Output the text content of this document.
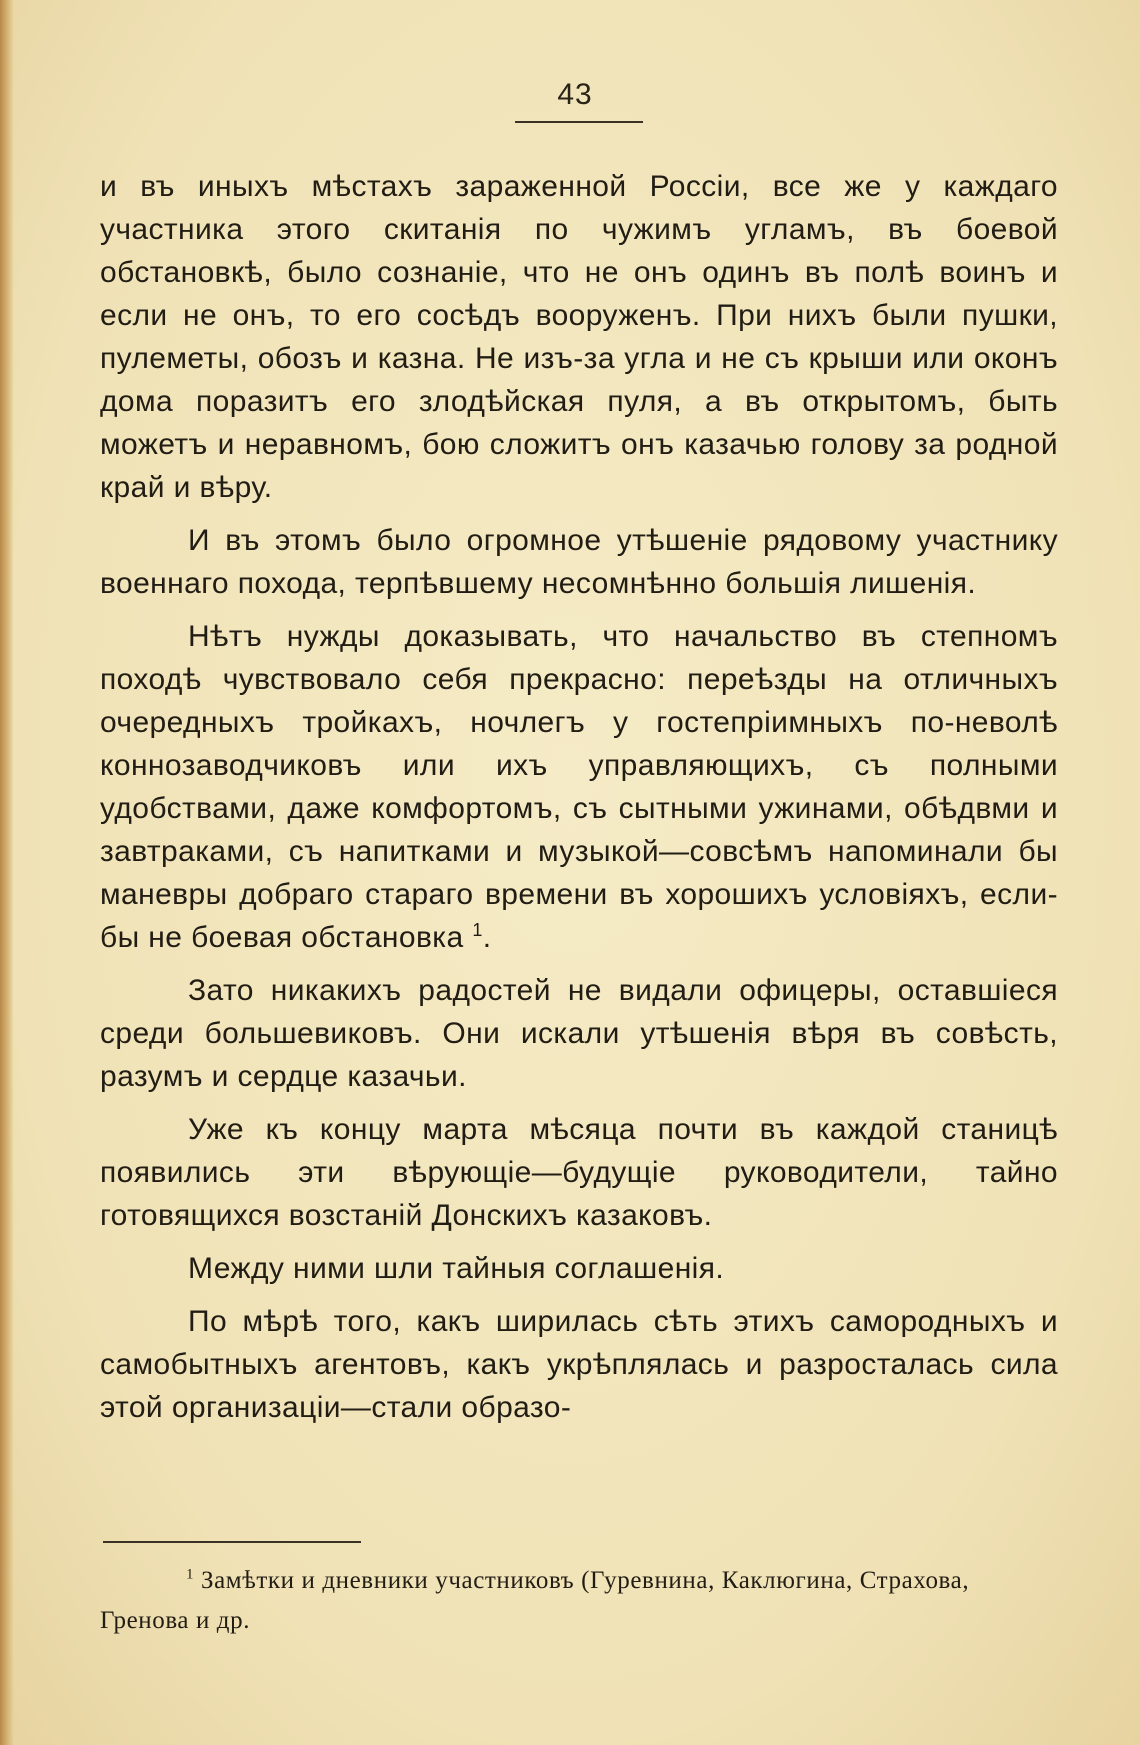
43

и въ иныхъ мѣстахъ зараженной Россіи, все же у каждаго участника этого скитанія по чужимъ угламъ, въ боевой обстановкѣ, было сознаніе, что не онъ одинъ въ полѣ воинъ и если не онъ, то его сосѣдъ вооруженъ. При нихъ были пушки, пулеметы, обозъ и казна. Не изъ-за угла и не съ крыши или оконъ дома поразитъ его злодѣйская пуля, а въ открытомъ, быть можетъ и неравномъ, бою сложитъ онъ казачью голову за родной край и вѣру.

И въ этомъ было огромное утѣшеніе рядовому участнику военнаго похода, терпѣвшему несомнѣнно большія лишенія.

Нѣтъ нужды доказывать, что начальство въ степномъ походѣ чувствовало себя прекрасно: переѣзды на отличныхъ очередныхъ тройкахъ, ночлегъ у гостепріимныхъ по-неволѣ коннозаводчиковъ или ихъ управляющихъ, съ полными удобствами, даже комфортомъ, съ сытными ужинами, обѣдвми и завтраками, съ напитками и музыкой—совсѣмъ напоминали бы маневры добраго стараго времени въ хорошихъ условіяхъ, если-бы не боевая обстановка $^1$.

Зато никакихъ радостей не видали офицеры, оставшіеся среди большевиковъ. Они искали утѣшенія вѣря въ совѣсть, разумъ и сердце казачьи.

Уже къ концу марта мѣсяца почти въ каждой станицѣ появились эти вѣрующіе—будущіе руководители, тайно готовящихся возстаній Донскихъ казаковъ.

Между ними шли тайныя соглашенія.

По мѣрѣ того, какъ ширилась сѣть этихъ самородныхъ и самобытныхъ агентовъ, какъ укрѣплялась и разросталась сила этой организаціи—стали образо-

$^1$ Замѣтки и дневники участниковъ (Гуревнина, Каклюгина, Страхова, Гренова и др.
